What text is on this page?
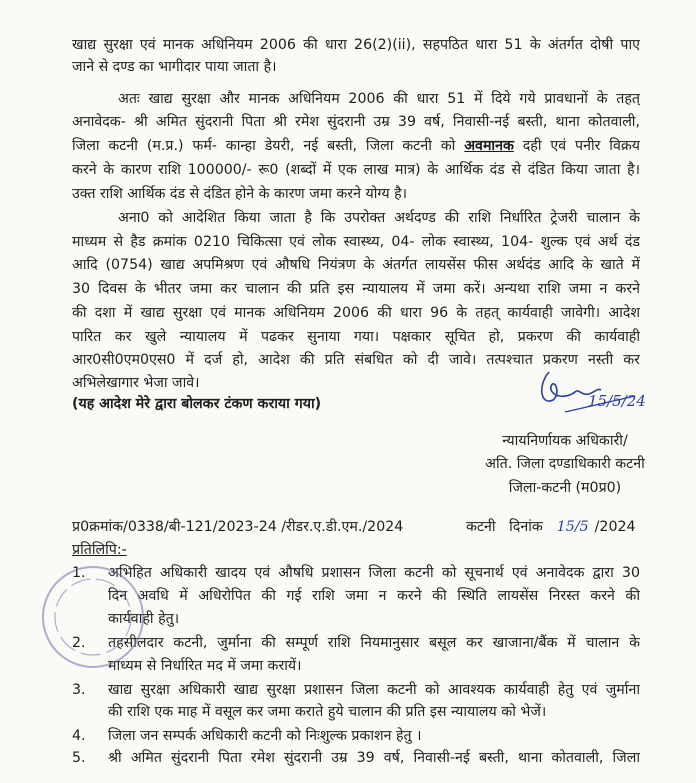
खाद्य सुरक्षा एवं मानक अधिनियम 2006 की धारा 26(2)(ii), सहपठित धारा 51 के अंतर्गत दोषी पाए
जाने से दण्ड का भागीदार पाया जाता है।
अतः खाद्य सुरक्षा और मानक अधिनियम 2006 की धारा 51 में दिये गये प्रावधानों के तहत्
अनावेदक- श्री अमित सुंदरानी पिता श्री रमेश सुंदरानी उम्र 39 वर्ष, निवासी-नई बस्ती, थाना कोतवाली,
जिला कटनी (म.प्र.) फर्म- कान्हा डेयरी, नई बस्ती, जिला कटनी को अवमानक दही एवं पनीर विक्रय
करने के कारण राशि 100000/- रू0 (शब्दों में एक लाख मात्र) के आर्थिक दंड से दंडित किया जाता है।
उक्त राशि आर्थिक दंड से दंडित होने के कारण जमा करने योग्य है।
अना0 को आदेशित किया जाता है कि उपरोक्त अर्थदण्ड की राशि निर्धारित ट्रेजरी चालान के
माध्यम से हैड क्रमांक 0210 चिकित्सा एवं लोक स्वास्थ्य, 04- लोक स्वास्थ्य, 104- शुल्क एवं अर्थ दंड
आदि (0754) खाद्य अपमिश्रण एवं औषधि नियंत्रण के अंतर्गत लायसेंस फीस अर्थदंड आदि के खाते में
30 दिवस के भीतर जमा कर चालान की प्रति इस न्यायालय में जमा करें। अन्यथा राशि जमा न करने
की दशा में खाद्य सुरक्षा एवं मानक अधिनियम 2006 की धारा 96 के तहत् कार्यवाही जावेगी। आदेश
पारित कर खुले न्यायालय में पढकर सुनाया गया। पक्षकार सूचित हो, प्रकरण की कार्यवाही
आर0सी0एम0एस0 में दर्ज हो, आदेश की प्रति संबधित को दी जावे। तत्पश्चात प्रकरण नस्ती कर
अभिलेखागार भेजा जावे।
(यह आदेश मेरे द्वारा बोलकर टंकण कराया गया)	15/5/24
न्यायनिर्णायक अधिकारी/
अति. जिला दण्डाधिकारी कटनी
जिला-कटनी (म0प्र0)
प्र0क्रमांक/0338/बी-121/2023-24 /रीडर.ए.डी.एम./2024	कटनी   दिनांक 15/5 /2024
प्रतिलिपि:-
1. अभिहित अधिकारी खादय एवं औषधि प्रशासन जिला कटनी को सूचनार्थ एवं अनावेदक द्वारा 30
दिन अवधि में अधिरोपित की गई राशि जमा न करने की स्थिति लायसेंस निरस्त करने की
कार्यवाही हेतु।
2. तहसीलदार कटनी, जुर्माना की सम्पूर्ण राशि नियमानुसार बसूल कर खाजाना/बैंक में चालान के
माध्यम से निर्धारित मद में जमा करायें।
3. खाद्य सुरक्षा अधिकारी खाद्य सुरक्षा प्रशासन जिला कटनी को आवश्यक कार्यवाही हेतु एवं जुर्माना
की राशि एक माह में वसूल कर जमा कराते हुये चालान की प्रति इस न्यायालय को भेजें।
4. जिला जन सम्पर्क अधिकारी कटनी को निःशुल्क प्रकाशन हेतु ।
5. श्री अमित सुंदरानी पिता रमेश सुंदरानी उम्र 39 वर्ष, निवासी-नई बस्ती, थाना कोतवाली, जिला
